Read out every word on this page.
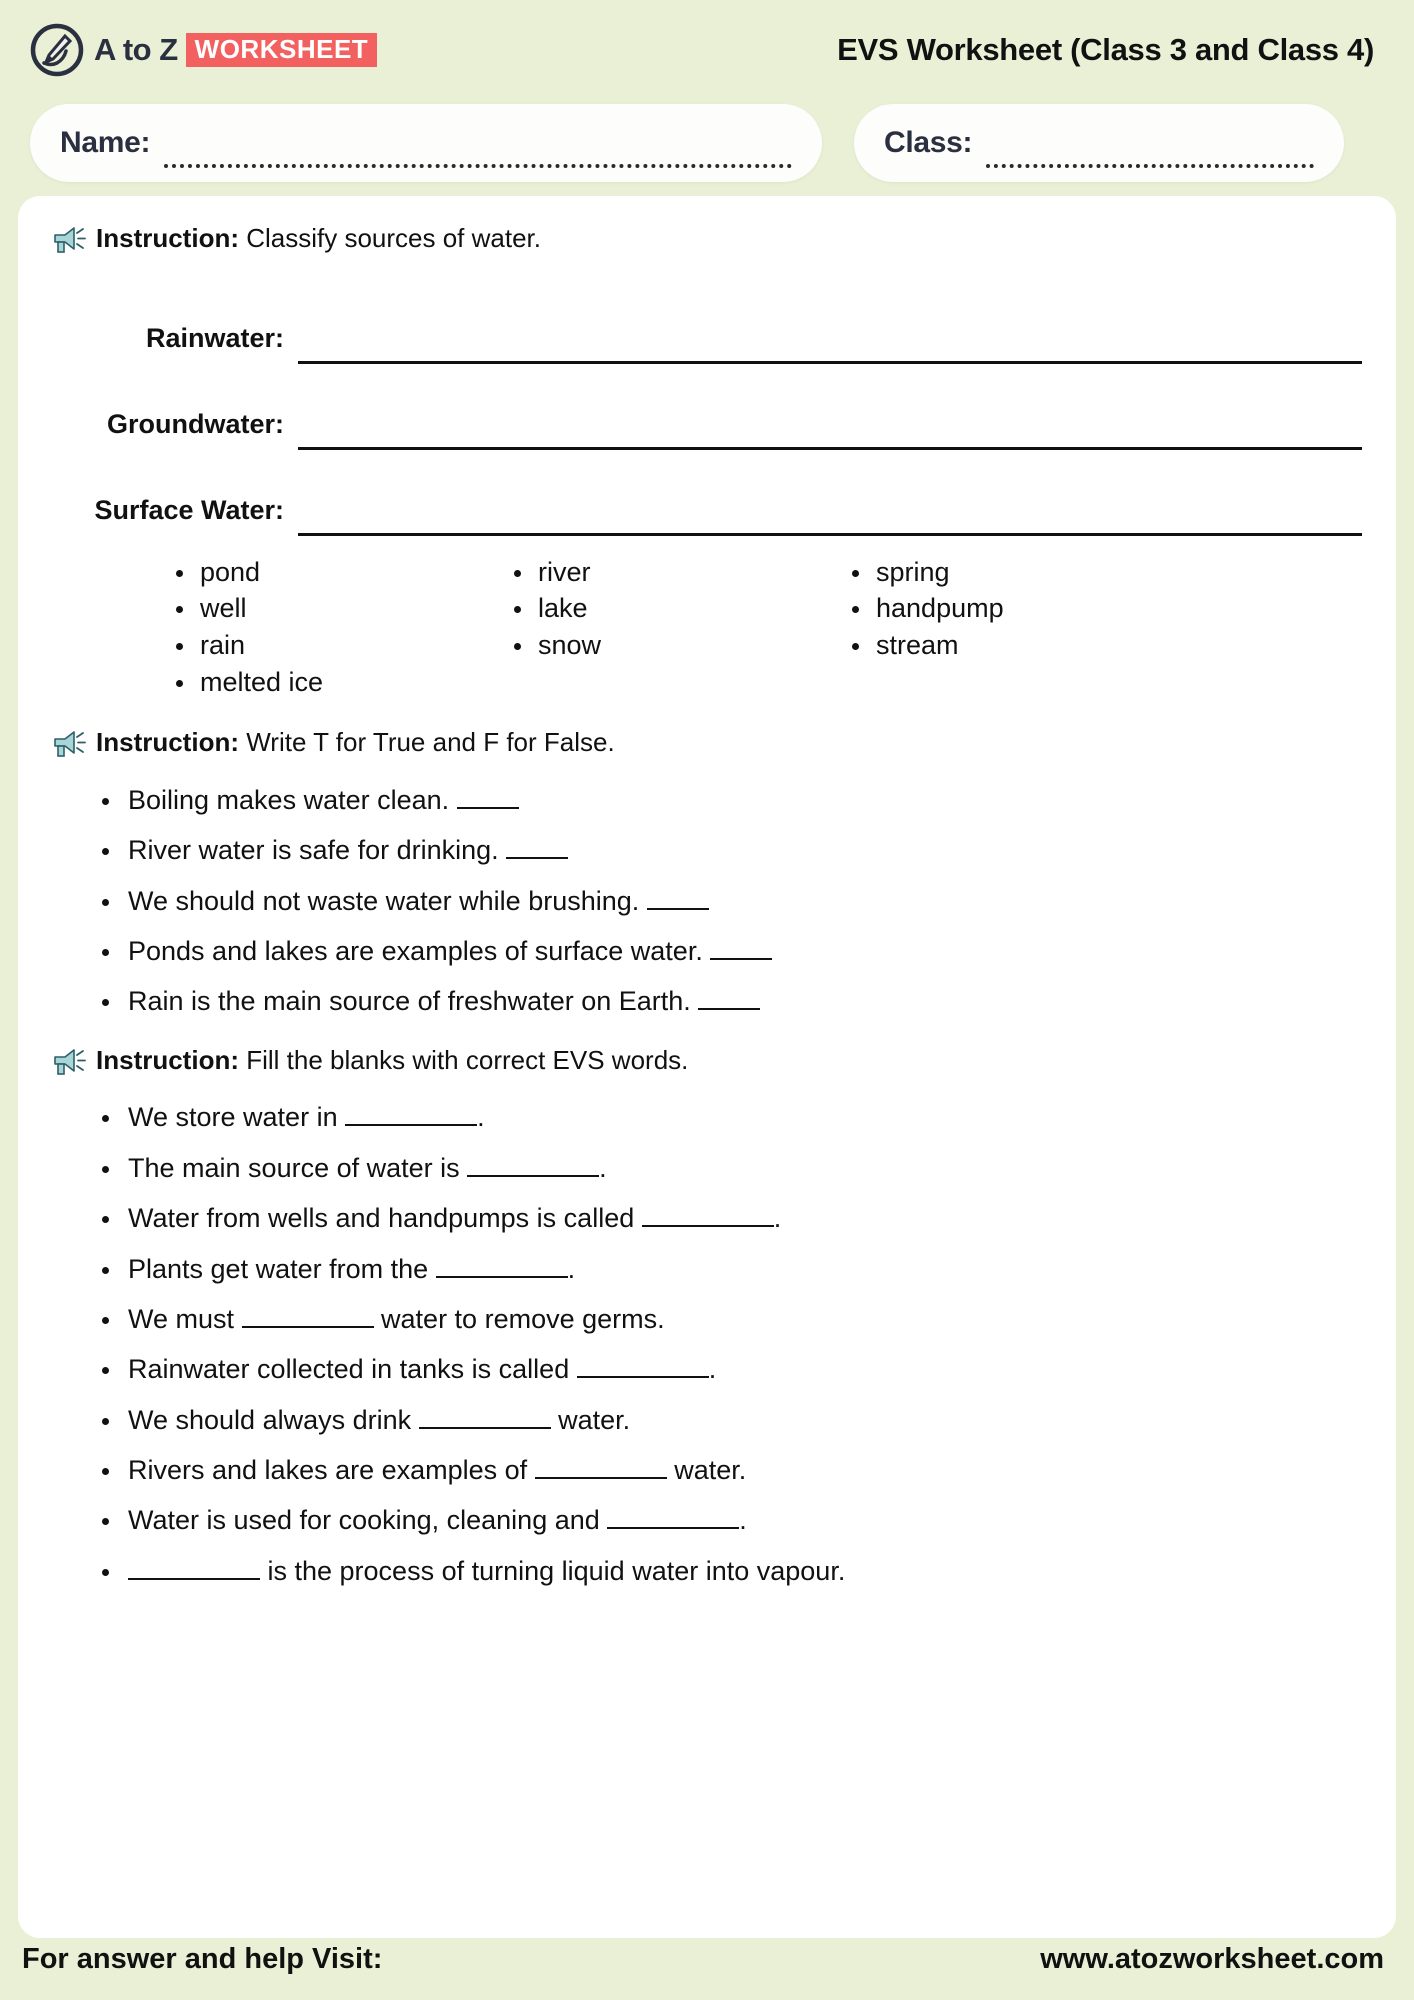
A to Z WORKSHEET	EVS Worksheet (Class 3 and Class 4)
Name:	Class:
Instruction: Classify sources of water.
Rainwater:
Groundwater:
Surface Water:
pond
well
rain
melted ice
river
lake
snow
spring
handpump
stream
Instruction: Write T for True and F for False.
Boiling makes water clean.
River water is safe for drinking.
We should not waste water while brushing.
Ponds and lakes are examples of surface water.
Rain is the main source of freshwater on Earth.
Instruction: Fill the blanks with correct EVS words.
We store water in	.
The main source of water is	.
Water from wells and handpumps is called	.
Plants get water from the	.
We must	water to remove germs.
Rainwater collected in tanks is called	.
We should always drink	water.
Rivers and lakes are examples of	water.
Water is used for cooking, cleaning and	.
is the process of turning liquid water into vapour.
For answer and help Visit:	www.atozworksheet.com
